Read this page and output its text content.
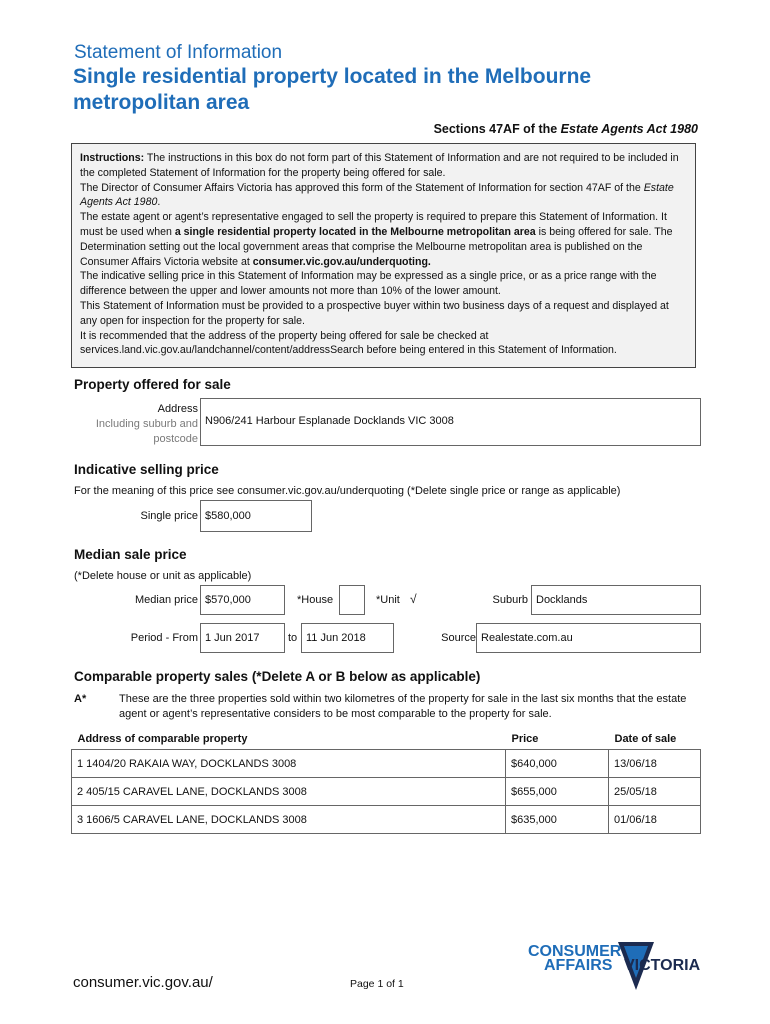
Statement of Information
Single residential property located in the Melbourne metropolitan area
Sections 47AF of the Estate Agents Act 1980

Instructions: The instructions in this box do not form part of this Statement of Information and are not required to be included in the completed Statement of Information for the property being offered for sale.

The Director of Consumer Affairs Victoria has approved this form of the Statement of Information for section 47AF of the Estate Agents Act 1980.

The estate agent or agent’s representative engaged to sell the property is required to prepare this Statement of Information. It must be used when a single residential property located in the Melbourne metropolitan area is being offered for sale. The Determination setting out the local government areas that comprise the Melbourne metropolitan area is published on the Consumer Affairs Victoria website at consumer.vic.gov.au/underquoting.

The indicative selling price in this Statement of Information may be expressed as a single price, or as a price range with the difference between the upper and lower amounts not more than 10% of the lower amount.

This Statement of Information must be provided to a prospective buyer within two business days of a request and displayed at any open for inspection for the property for sale.

It is recommended that the address of the property being offered for sale be checked at services.land.vic.gov.au/landchannel/content/addressSearch before being entered in this Statement of Information.

Property offered for sale
Address
Including suburb and
postcode
N906/241 Harbour Esplanade Docklands VIC 3008
Indicative selling price
For the meaning of this price see consumer.vic.gov.au/underquoting (*Delete single price or range as applicable)
Single price $580,000
Median sale price
(*Delete house or unit as applicable)
Median price $570,000	*House	*Unit √	Suburb Docklands
Period - From 1 Jun 2017	to 11 Jun 2018	Source Realestate.com.au
Comparable property sales (*Delete A or B below as applicable)
A*	These are the three properties sold within two kilometres of the property for sale in the last six months that the estate agent or agent’s representative considers to be most comparable to the property for sale.
Address of comparable property	Price	Date of sale
1 1404/20 RAKAIA WAY, DOCKLANDS 3008	$640,000	13/06/18
2 405/15 CARAVEL LANE, DOCKLANDS 3008	$655,000	25/05/18
3 1606/5 CARAVEL LANE, DOCKLANDS 3008	$635,000	01/06/18
consumer.vic.gov.au/	Page 1 of 1
CONSUMER
AFFAIRS VICTORIA
